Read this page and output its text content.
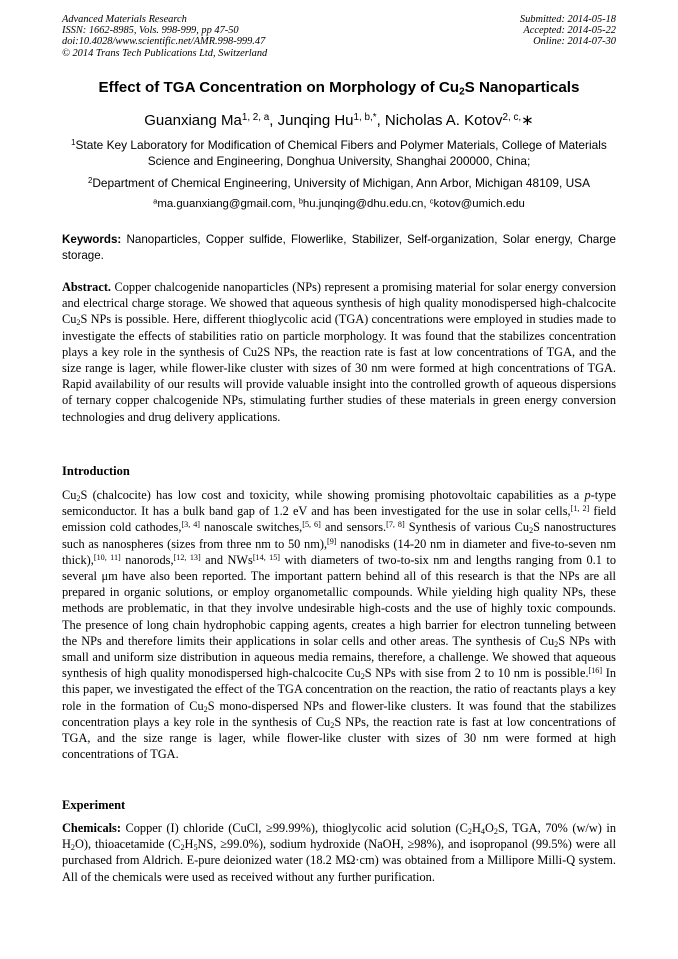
Advanced Materials Research
ISSN: 1662-8985, Vols. 998-999, pp 47-50
doi:10.4028/www.scientific.net/AMR.998-999.47
© 2014 Trans Tech Publications Ltd, Switzerland
Submitted: 2014-05-18
Accepted: 2014-05-22
Online: 2014-07-30
Effect of TGA Concentration on Morphology of $Cu_2S$ Nanoparticals
Guanxiang Ma$^{1, 2, a}$, Junqing $Hu^{1, b,*}$, Nicholas A. Kotov$^{2, c,}$∗
$^1$State Key Laboratory for Modification of Chemical Fibers and Polymer Materials, College of Materials Science and Engineering, Donghua University, Shanghai 200000, China;
$^2$Department of Chemical Engineering, University of Michigan, Ann Arbor, Michigan 48109, USA
$^a$ma.guanxiang@gmail.com, $^b$hu.junqing@dhu.edu.cn, $^c$kotov@umich.edu
Keywords: Nanoparticles, Copper sulfide, Flowerlike, Stabilizer, Self-organization, Solar energy, Charge storage.
Abstract. Copper chalcogenide nanoparticles (NPs) represent a promising material for solar energy conversion and electrical charge storage. We showed that aqueous synthesis of high quality monodispersed high-chalcocite $Cu_2S$ NPs is possible. Here, different thioglycolic acid (TGA) concentrations were employed in studies made to investigate the effects of stabilities ratio on particle morphology. It was found that the stabilizes concentration plays a key role in the synthesis of Cu2S NPs, the reaction rate is fast at low concentrations of TGA, and the size range is lager, while flower-like cluster with sizes of 30 nm were formed at high concentrations of TGA. Rapid availability of our results will provide valuable insight into the controlled growth of aqueous dispersions of ternary copper chalcogenide NPs, stimulating further studies of these materials in green energy conversion technologies and drug delivery applications.
Introduction
$Cu_2S$ (chalcocite) has low cost and toxicity, while showing promising photovoltaic capabilities as a p-type semiconductor. It has a bulk band gap of 1.2 eV and has been investigated for the use in solar cells,[1, 2] field emission cold cathodes,[3, 4] nanoscale switches,[5, 6] and sensors.[7, 8] Synthesis of various $Cu_2S$ nanostructures such as nanospheres (sizes from three nm to 50 nm),[9] nanodisks (14-20 nm in diameter and five-to-seven nm thick),[10, 11] nanorods,[12, 13] and NWs[14, 15] with diameters of two-to-six nm and lengths ranging from 0.1 to several μm have also been reported. The important pattern behind all of this research is that the NPs are all prepared in organic solutions, or employ organometallic compounds. While yielding high quality NPs, these methods are problematic, in that they involve undesirable high-costs and the use of highly toxic compounds. The presence of long chain hydrophobic capping agents, creates a high barrier for electron tunneling between the NPs and therefore limits their applications in solar cells and other areas. The synthesis of $Cu_2S$ NPs with small and uniform size distribution in aqueous media remains, therefore, a challenge. We showed that aqueous synthesis of high quality monodispersed high-chalcocite $Cu_2S$ NPs with sise from 2 to 10 nm is possible.[16] In this paper, we investigated the effect of the TGA concentration on the reaction, the ratio of reactants plays a key role in the formation of $Cu_2S$ mono-dispersed NPs and flower-like clusters. It was found that the stabilizes concentration plays a key role in the synthesis of $Cu_2S$ NPs, the reaction rate is fast at low concentrations of TGA, and the size range is lager, while flower-like cluster with sizes of 30 nm were formed at high concentrations of TGA.
Experiment
Chemicals: Copper (I) chloride (CuCl, ≥99.99%), thioglycolic acid solution ($C_2H_4O_2S$, TGA, 70% (w/w) in $H_2O$), thioacetamide ($C_2H_5NS$, ≥99.0%), sodium hydroxide (NaOH, ≥98%), and isopropanol (99.5%) were all purchased from Aldrich. E-pure deionized water (18.2 MΩ·cm) was obtained from a Millipore Milli-Q system. All of the chemicals were used as received without any further purification.
